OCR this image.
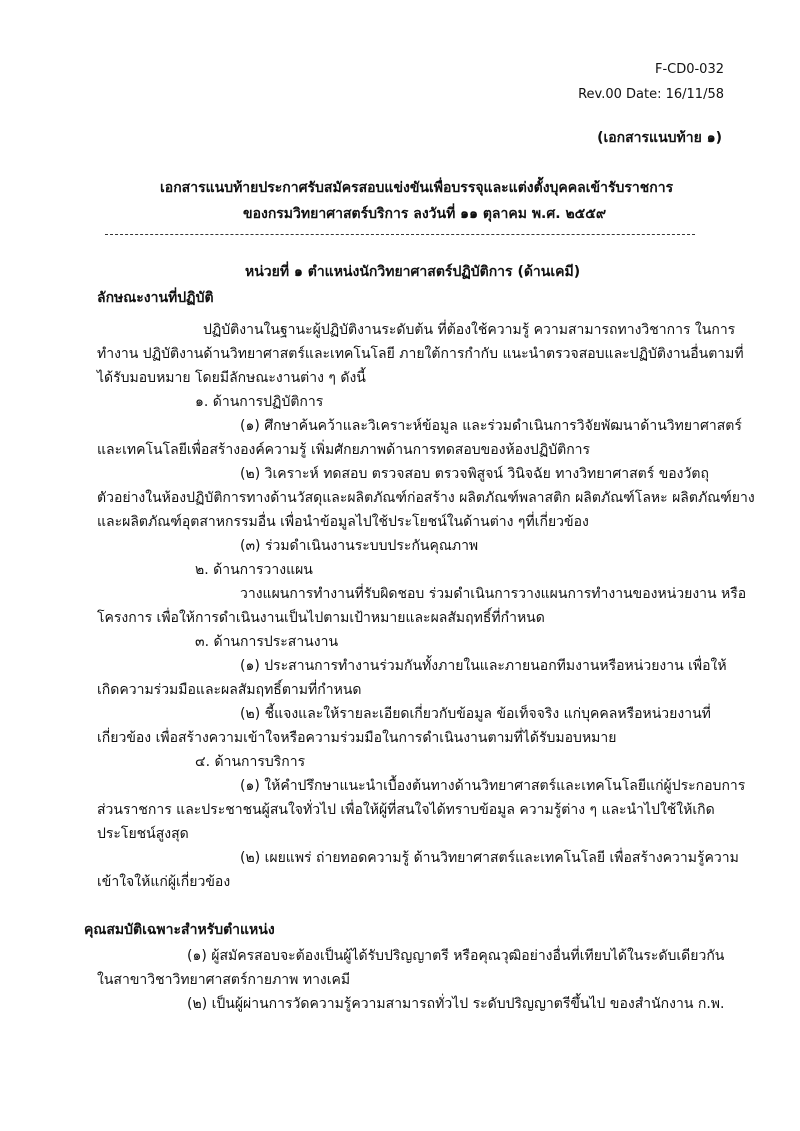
F-CD0-032
Rev.00 Date: 16/11/58
(เอกสารแนบท้าย ๑)
เอกสารแนบท้ายประกาศรับสมัครสอบแข่งขันเพื่อบรรจุและแต่งตั้งบุคคลเข้ารับราชการ
ของกรมวิทยาศาสตร์บริการ ลงวันที่ ๑๑ ตุลาคม พ.ศ. ๒๕๕๙
หน่วยที่ ๑ ตำแหน่งนักวิทยาศาสตร์ปฏิบัติการ (ด้านเคมี)
ลักษณะงานที่ปฏิบัติ
ปฏิบัติงานในฐานะผู้ปฏิบัติงานระดับต้น ที่ต้องใช้ความรู้ ความสามารถทางวิชาการ ในการ
ทำงาน ปฏิบัติงานด้านวิทยาศาสตร์และเทคโนโลยี ภายใต้การกำกับ แนะนำตรวจสอบและปฏิบัติงานอื่นตามที่
ได้รับมอบหมาย โดยมีลักษณะงานต่าง ๆ ดังนี้
๑. ด้านการปฏิบัติการ
(๑) ศึกษาค้นคว้าและวิเคราะห์ข้อมูล และร่วมดำเนินการวิจัยพัฒนาด้านวิทยาศาสตร์
และเทคโนโลยีเพื่อสร้างองค์ความรู้ เพิ่มศักยภาพด้านการทดสอบของห้องปฏิบัติการ
(๒) วิเคราะห์ ทดสอบ ตรวจสอบ ตรวจพิสูจน์ วินิจฉัย ทางวิทยาศาสตร์ ของวัตถุ
ตัวอย่างในห้องปฏิบัติการทางด้านวัสดุและผลิตภัณฑ์ก่อสร้าง ผลิตภัณฑ์พลาสติก ผลิตภัณฑ์โลหะ ผลิตภัณฑ์ยาง
และผลิตภัณฑ์อุตสาหกรรมอื่น เพื่อนำข้อมูลไปใช้ประโยชน์ในด้านต่าง ๆที่เกี่ยวข้อง
(๓) ร่วมดำเนินงานระบบประกันคุณภาพ
๒. ด้านการวางแผน
วางแผนการทำงานที่รับผิดชอบ ร่วมดำเนินการวางแผนการทำงานของหน่วยงาน หรือ
โครงการ เพื่อให้การดำเนินงานเป็นไปตามเป้าหมายและผลสัมฤทธิ์ที่กำหนด
๓. ด้านการประสานงาน
(๑) ประสานการทำงานร่วมกันทั้งภายในและภายนอกทีมงานหรือหน่วยงาน เพื่อให้
เกิดความร่วมมือและผลสัมฤทธิ์ตามที่กำหนด
(๒) ชี้แจงและให้รายละเอียดเกี่ยวกับข้อมูล ข้อเท็จจริง แก่บุคคลหรือหน่วยงานที่
เกี่ยวข้อง เพื่อสร้างความเข้าใจหรือความร่วมมือในการดำเนินงานตามที่ได้รับมอบหมาย
๔. ด้านการบริการ
(๑) ให้คำปรึกษาแนะนำเบื้องต้นทางด้านวิทยาศาสตร์และเทคโนโลยีแก่ผู้ประกอบการ
ส่วนราชการ และประชาชนผู้สนใจทั่วไป เพื่อให้ผู้ที่สนใจได้ทราบข้อมูล ความรู้ต่าง ๆ และนำไปใช้ให้เกิด
ประโยชน์สูงสุด
(๒) เผยแพร่ ถ่ายทอดความรู้ ด้านวิทยาศาสตร์และเทคโนโลยี เพื่อสร้างความรู้ความ
เข้าใจให้แก่ผู้เกี่ยวข้อง
คุณสมบัติเฉพาะสำหรับตำแหน่ง
(๑) ผู้สมัครสอบจะต้องเป็นผู้ได้รับปริญญาตรี หรือคุณวุฒิอย่างอื่นที่เทียบได้ในระดับเดียวกัน
ในสาขาวิชาวิทยาศาสตร์กายภาพ ทางเคมี
(๒) เป็นผู้ผ่านการวัดความรู้ความสามารถทั่วไป ระดับปริญญาตรีขึ้นไป ของสำนักงาน ก.พ.
